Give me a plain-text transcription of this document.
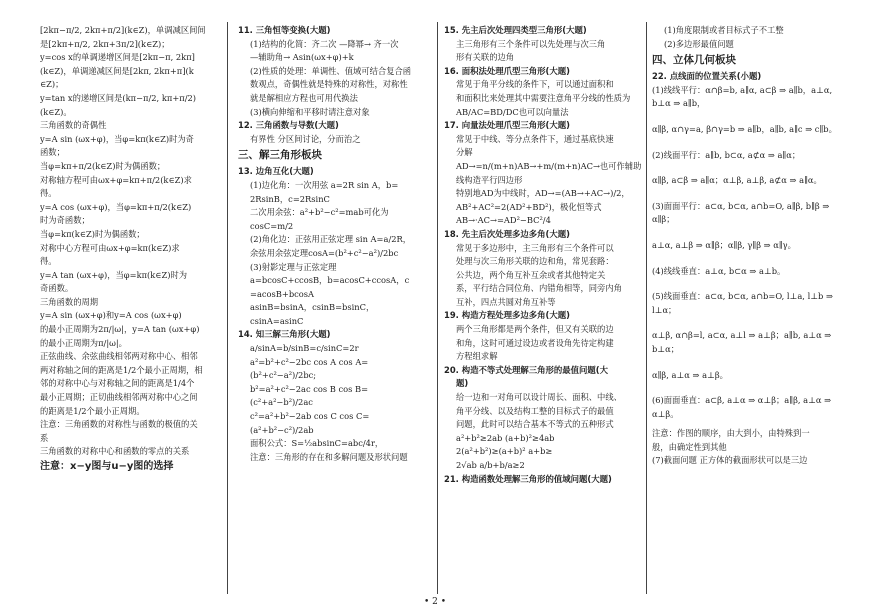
[2kπ−π/2, 2kπ+π/2](k∈Z)，单调减区间间
是[2kπ+π/2, 2kπ+3π/2](k∈Z)；
y=cos x的单调递增区间是[2kπ−π, 2kπ]
(k∈Z)，单调递减区间是[2kπ, 2kπ+π](k
∈Z)；
y=tan x的递增区间是(kπ−π/2, kπ+π/2)
(k∈Z)。
三角函数的奇偶性
y=A sin (ωx+φ)，当φ=kπ(k∈Z)时为奇
函数；
当φ=kπ+π/2(k∈Z)时为偶函数；
对称轴方程可由ωx+φ=kπ+π/2(k∈Z)求
得。
y=A cos (ωx+φ)，当φ=kπ+π/2(k∈Z)
时为奇函数；
当φ=kπ(k∈Z)时为偶函数；
对称中心方程可由ωx+φ=kπ(k∈Z)求
得。
y=A tan (ωx+φ)，当φ=kπ(k∈Z)时为
奇函数。
三角函数的周期
y=A sin (ωx+φ)和y=A cos (ωx+φ)
的最小正周期为2π/|ω|，y=A tan (ωx+φ)
的最小正周期为π/|ω|。
正弦曲线、余弦曲线相邻两对称中心、相邻
两对称轴之间的距离是1/2个最小正周期，相
邻的对称中心与对称轴之间的距离是1/4个
最小正周期；正切曲线相邻两对称中心之间
的距离是1/2个最小正周期。
注意：三角函数的对称性与函数的极值的关
系
三角函数的对称中心和函数的零点的关系
注意：x−y图与u−y图的选择
11. 三角恒等变换(大题)
(1)结构的化简：齐二次 —降幂→ 齐一次
—辅助角→ Asin(ωx+φ)+k
(2)性质的处理：单调性、值域可结合复合函
数观点，奇偶性就是特殊的对称性，对称性
就是解相应方程也可用代换法
(3)横向伸缩和平移时请注意对象
12. 三角函数与导数(大题)
有界性 分区间讨论，分而治之
三、解三角形板块
13. 边角互化(大题)
(1)边化角：一次用弦 a=2R sin A，b=
2RsinB，c=2RsinC
二次用余弦：a²+b²−c²=mab可化为
cosC=m/2
(2)角化边：正弦用正弦定理 sin A=a/2R，
余弦用余弦定理cosA=(b²+c²−a²)/2bc
(3)射影定理与正弦定理
a=bcosC+ccosB，b=acosC+ccosA，c
=acosB+bcosA
asinB=bsinA，csinB=bsinC，
csinA=asinC
14. 知三解三角形(大题)
a/sinA=b/sinB=c/sinC=2r
a²=b²+c²−2bc cos A cos A=
(b²+c²−a²)/2bc;
b²=a²+c²−2ac cos B cos B=
(c²+a²−b²)/2ac
c²=a²+b²−2ab cos C cos C=
(a²+b²−c²)/2ab
面积公式：S=½absinC=abc/4r，
注意：三角形的存在和多解问题及形状问题
15. 先主后次处理四类型三角形(大题)
主三角形有三个条件可以先处理与次三角
形有关联的边角
16. 面积法处理爪型三角形(大题)
常见于角平分线的条件下，可以通过面积和
和面积比来处理其中需要注意角平分线的性质为
AB/AC=BD/DC也可以向量法
17. 向量法处理爪型三角形(大题)
常见于中线、等分点条件下，通过基底快速
分解
AD→=n/(m+n)AB→+m/(m+n)AC→也可作辅助
线构造平行四边形
特别地AD为中线时，AD→=(AB→+AC→)/2，
AB²+AC²=2(AD²+BD²)，极化恒等式
AB→·AC→=AD²−BC²/4
18. 先主后次处理多边多角(大题)
常见于多边形中，主三角形有三个条件可以
处理与次三角形关联的边和角，常见套路：
公共边，两个角互补互余或者其他特定关
系，平行结合同位角、内错角相等，同旁内角
互补，四点共圆对角互补等
19. 构造方程处理多边多角(大题)
两个三角形都是两个条件，但又有关联的边
和角，这时可通过设边或者设角先待定构建
方程组求解
20. 构造不等式处理解三角形的最值问题(大
题)
给一边和一对角可以设计周长、面积、中线、
角平分线、以及结构工整的目标式子的最值
问题，此时可以结合基本不等式的五种形式
a²+b²≥2ab (a+b)²≥4ab
2(a²+b²)≥(a+b)² a+b≥
2√ab a/b+b/a≥2
21. 构造函数处理解三角形的值域问题(大题)
(1)角度限制或者目标式子不工整
(2)多边形最值问题
四、立体几何板块
22. 点线面的位置关系(小题)
(1)线线平行：α∩β=b, a∥α, a⊂β ⇒ a∥b，a⊥α, b⊥α ⇒ a∥b，
α∥β, α∩γ=a, β∩γ=b ⇒ a∥b，a∥b, a∥c ⇒ c∥b。
(2)线面平行：a∥b, b⊂α, a⊄α ⇒ a∥α；
α∥β, a⊂β ⇒ a∥α；α⊥β, a⊥β, a⊄α ⇒ a∥α。
(3)面面平行：a⊂α, b⊂α, a∩b=O, a∥β, b∥β ⇒ α∥β；
a⊥α, a⊥β ⇒ α∥β；α∥β, γ∥β ⇒ α∥γ。
(4)线线垂直：a⊥α, b⊂α ⇒ a⊥b。
(5)线面垂直：a⊂α, b⊂α, a∩b=O, l⊥a, l⊥b ⇒ l⊥α；
α⊥β, α∩β=l, a⊂α, a⊥l ⇒ a⊥β；a∥b, a⊥α ⇒ b⊥α；
α∥β, a⊥α ⇒ a⊥β。
(6)面面垂直：a⊂β, a⊥α ⇒ α⊥β；a∥β, a⊥α ⇒ α⊥β。
注意：作图的顺序，由大到小，由特殊到一
般，由确定性到其他
(7)截面问题 正方体的截面形状可以是三边
• 2 •
